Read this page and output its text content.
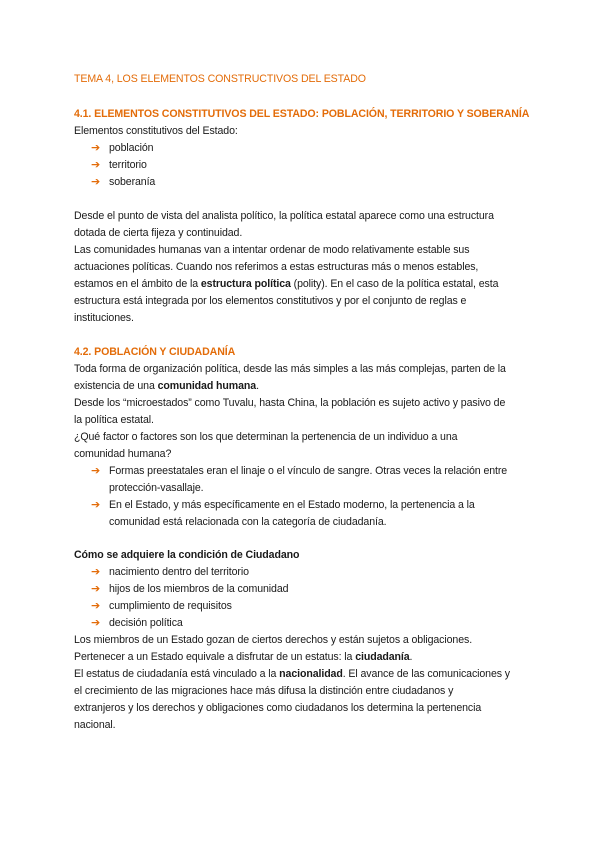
TEMA 4, LOS ELEMENTOS CONSTRUCTIVOS DEL ESTADO
4.1. ELEMENTOS CONSTITUTIVOS DEL ESTADO: POBLACIÓN, TERRITORIO Y SOBERANÍA
Elementos constitutivos del Estado:
➔ población
➔ territorio
➔ soberanía
Desde el punto de vista del analista político, la política estatal aparece como una estructura
dotada de cierta fijeza y continuidad.
Las comunidades humanas van a intentar ordenar de modo relativamente estable sus
actuaciones políticas. Cuando nos referimos a estas estructuras más o menos estables,
estamos en el ámbito de la estructura política (polity). En el caso de la política estatal, esta
estructura está integrada por los elementos constitutivos y por el conjunto de reglas e
instituciones.
4.2. POBLACIÓN Y CIUDADANÍA
Toda forma de organización política, desde las más simples a las más complejas, parten de la
existencia de una comunidad humana.
Desde los “microestados” como Tuvalu, hasta China, la población es sujeto activo y pasivo de
la política estatal.
¿Qué factor o factores son los que determinan la pertenencia de un individuo a una
comunidad humana?
➔ Formas preestatales eran el linaje o el vínculo de sangre. Otras veces la relación entre
protección-vasallaje.
➔ En el Estado, y más específicamente en el Estado moderno, la pertenencia a la
comunidad está relacionada con la categoría de ciudadanía.
Cómo se adquiere la condición de Ciudadano
➔ nacimiento dentro del territorio
➔ hijos de los miembros de la comunidad
➔ cumplimiento de requisitos
➔ decisión política
Los miembros de un Estado gozan de ciertos derechos y están sujetos a obligaciones.
Pertenecer a un Estado equivale a disfrutar de un estatus: la ciudadanía.
El estatus de ciudadanía está vinculado a la nacionalidad. El avance de las comunicaciones y
el crecimiento de las migraciones hace más difusa la distinción entre ciudadanos y
extranjeros y los derechos y obligaciones como ciudadanos los determina la pertenencia
nacional.
